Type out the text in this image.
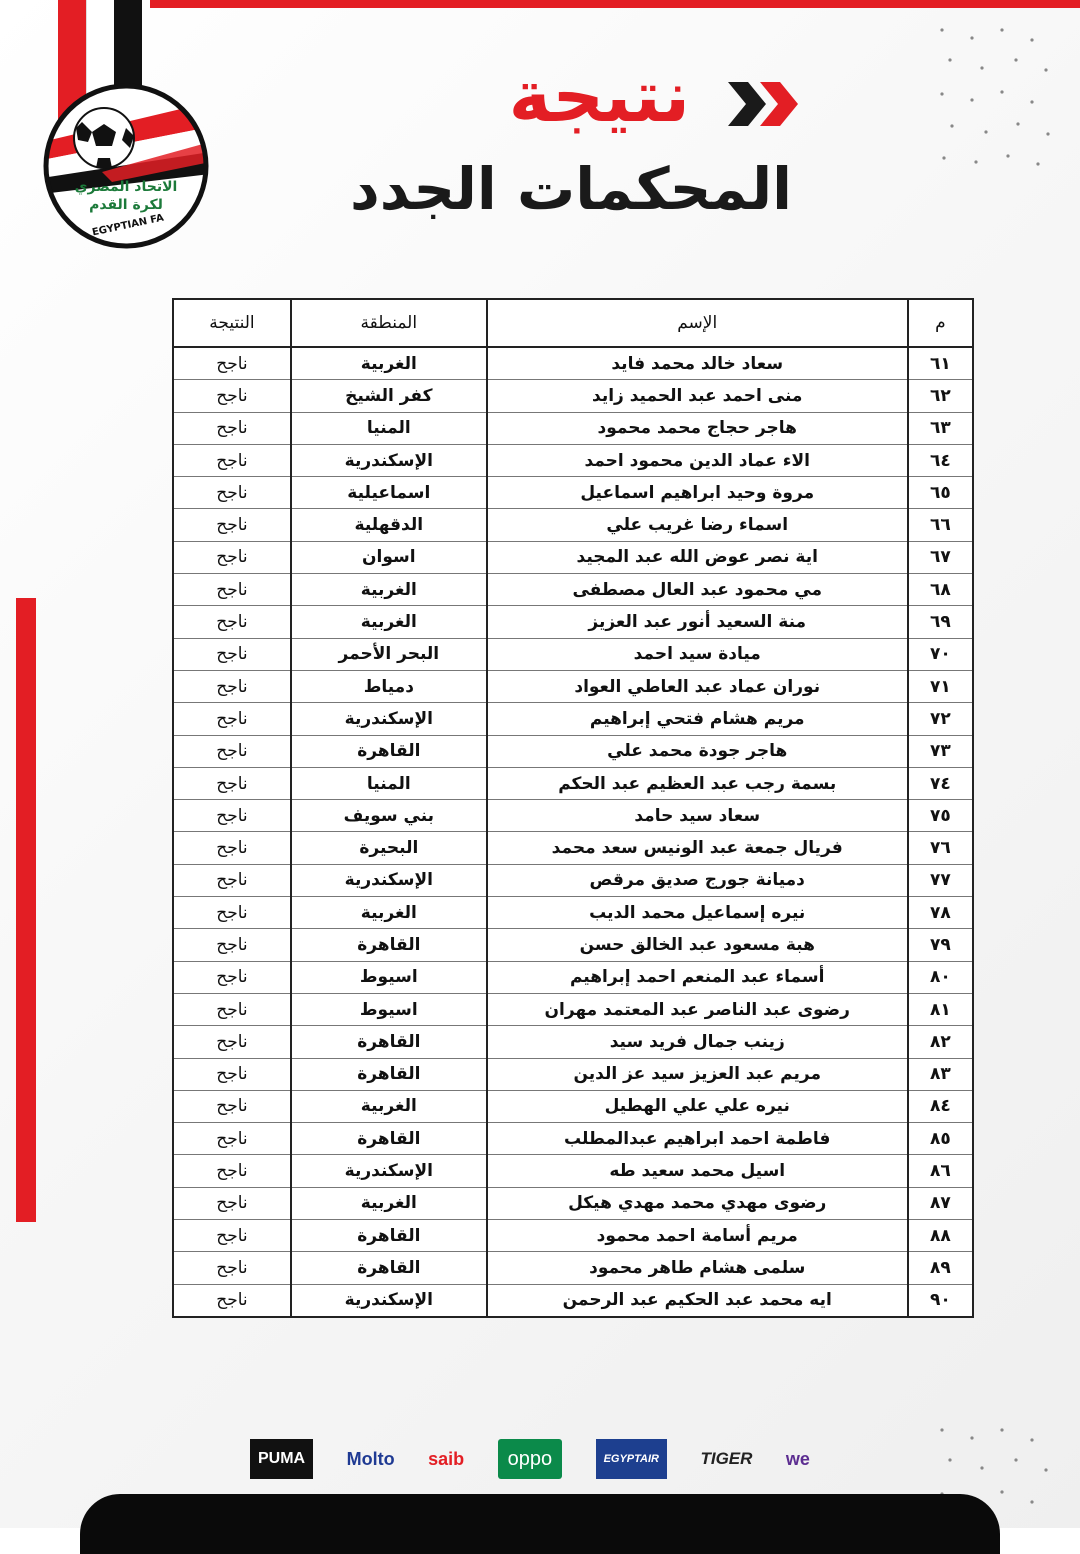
الاتحاد المصري لكرة القدم
EGYPTIAN FA
نتيجة
المحكمات الجدد
م	الإسم	المنطقة	النتيجة
٦١	سعاد خالد محمد فايد	الغربية	ناجح
٦٢	منى احمد عبد الحميد زايد	كفر الشيخ	ناجح
٦٣	هاجر حجاج محمد محمود	المنيا	ناجح
٦٤	الاء عماد الدين محمود احمد	الإسكندرية	ناجح
٦٥	مروة وحيد ابراهيم اسماعيل	اسماعيلية	ناجح
٦٦	اسماء رضا غريب علي	الدقهلية	ناجح
٦٧	اية نصر عوض الله عبد المجيد	اسوان	ناجح
٦٨	مي محمود عبد العال مصطفى	الغربية	ناجح
٦٩	منة السعيد أنور عبد العزيز	الغربية	ناجح
٧٠	ميادة سيد احمد	البحر الأحمر	ناجح
٧١	نوران عماد عبد العاطي العواد	دمياط	ناجح
٧٢	مريم هشام فتحي إبراهيم	الإسكندرية	ناجح
٧٣	هاجر جودة محمد علي	القاهرة	ناجح
٧٤	بسمة رجب عبد العظيم عبد الحكم	المنيا	ناجح
٧٥	سعاد سيد حامد	بني سويف	ناجح
٧٦	فريال جمعة عبد الونيس سعد محمد	البحيرة	ناجح
٧٧	دميانة جورج صديق مرقص	الإسكندرية	ناجح
٧٨	نيره إسماعيل محمد الديب	الغربية	ناجح
٧٩	هبة مسعود عبد الخالق حسن	القاهرة	ناجح
٨٠	أسماء عبد المنعم احمد إبراهيم	اسيوط	ناجح
٨١	رضوى عبد الناصر عبد المعتمد مهران	اسيوط	ناجح
٨٢	زينب جمال فريد سيد	القاهرة	ناجح
٨٣	مريم عبد العزيز سيد عز الدين	القاهرة	ناجح
٨٤	نيره علي علي الهطيل	الغربية	ناجح
٨٥	فاطمة احمد ابراهيم عبدالمطلب	القاهرة	ناجح
٨٦	اسيل محمد سعيد طه	الإسكندرية	ناجح
٨٧	رضوى مهدي محمد مهدي هيكل	الغربية	ناجح
٨٨	مريم أسامة احمد محمود	القاهرة	ناجح
٨٩	سلمى هشام طاهر محمود	القاهرة	ناجح
٩٠	ايه محمد عبد الحكيم عبد الرحمن	الإسكندرية	ناجح
we
TIGER
EGYPTAIR
oppo
saib
Molto
PUMA
